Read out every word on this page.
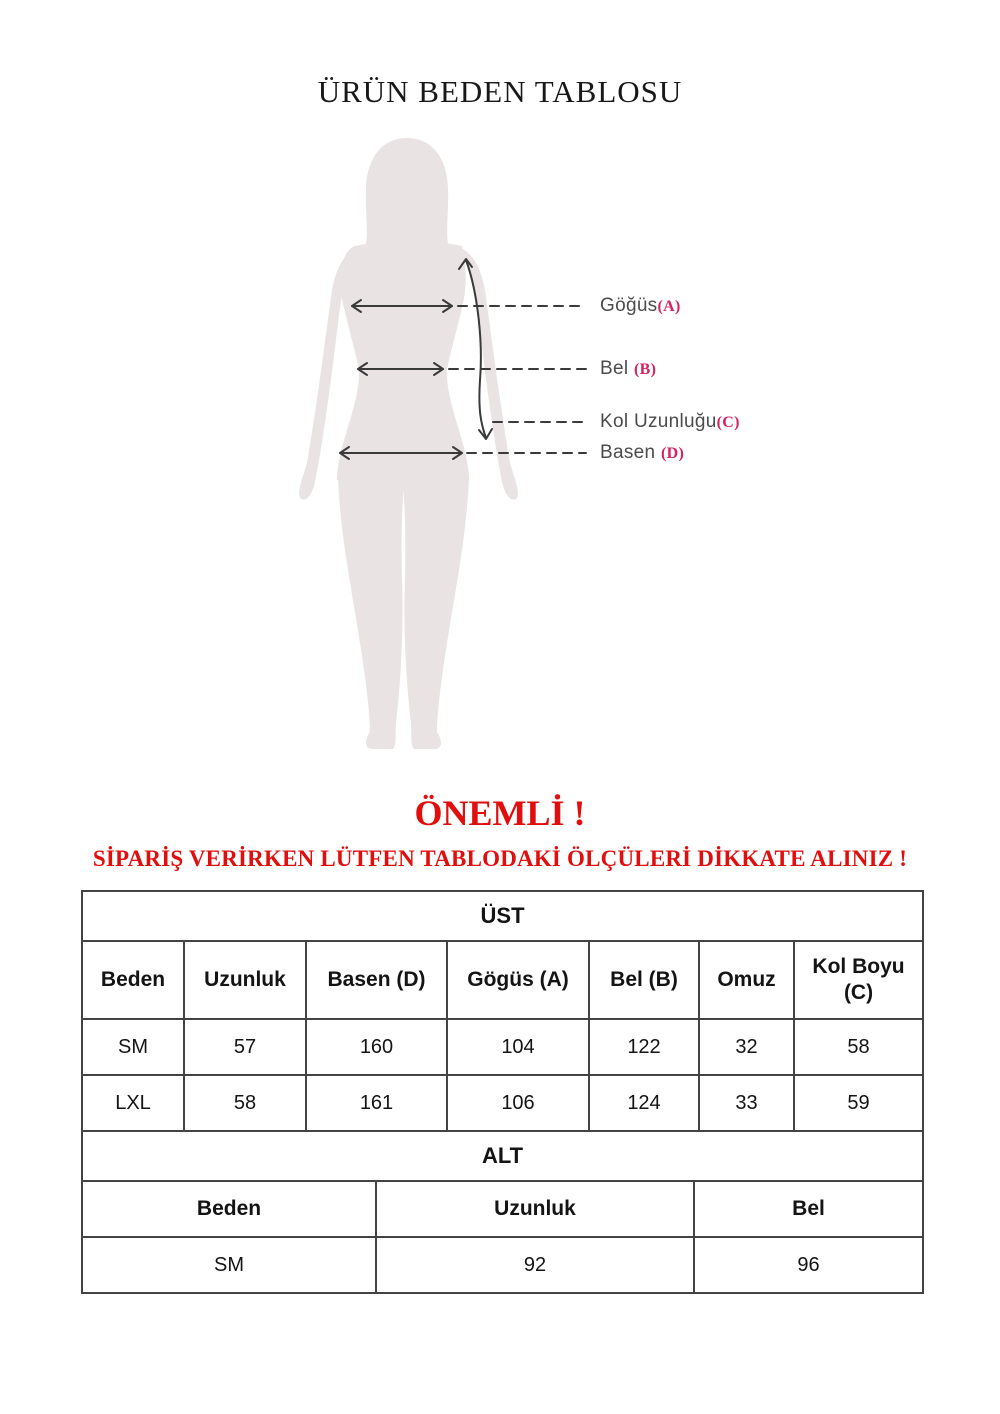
ÜRÜN BEDEN TABLOSU
Göğüs(A)
Bel (B)
Kol Uzunluğu(C)
Basen (D)
ÖNEMLİ !
SİPARİŞ VERİRKEN LÜTFEN TABLODAKİ ÖLÇÜLERİ DİKKATE ALINIZ !
ÜST						
Beden	Uzunluk	Basen (D)	Gögüs (A)	Bel (B)	Omuz	Kol Boyu (C)
SM	57	160	104	122	32	58
LXL	58	161	106	124	33	59
ALT		
Beden	Uzunluk	Bel
SM	92	96
